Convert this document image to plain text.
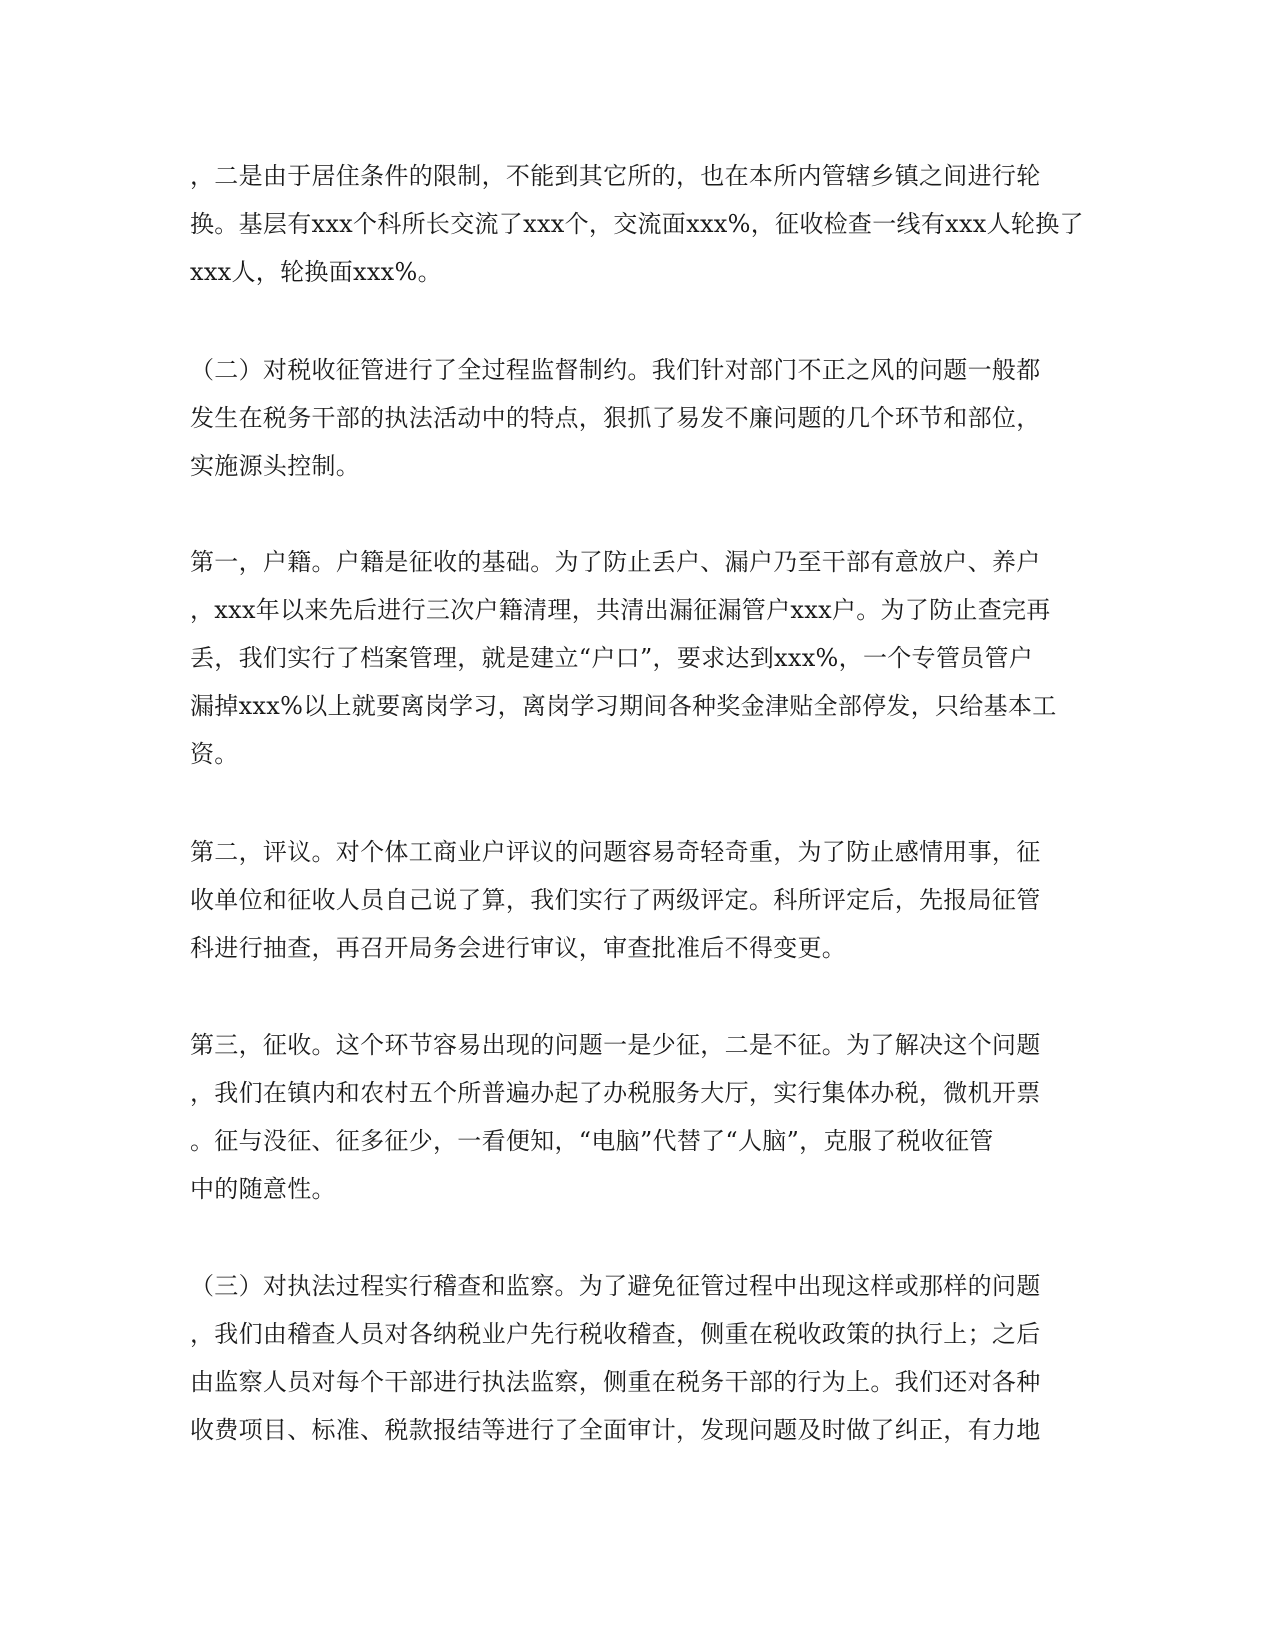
，二是由于居住条件的限制，不能到其它所的，也在本所内管辖乡镇之间进行轮
换。基层有xxx个科所长交流了xxx个，交流面xxx%，征收检查一线有xxx人轮换了
xxx人，轮换面xxx%。

（二）对税收征管进行了全过程监督制约。我们针对部门不正之风的问题一般都
发生在税务干部的执法活动中的特点，狠抓了易发不廉问题的几个环节和部位，
实施源头控制。

第一，户籍。户籍是征收的基础。为了防止丢户、漏户乃至干部有意放户、养户
，xxx年以来先后进行三次户籍清理，共清出漏征漏管户xxx户。为了防止查完再
丢，我们实行了档案管理，就是建立“户口”，要求达到xxx%，一个专管员管户
漏掉xxx%以上就要离岗学习，离岗学习期间各种奖金津贴全部停发，只给基本工
资。

第二，评议。对个体工商业户评议的问题容易奇轻奇重，为了防止感情用事，征
收单位和征收人员自己说了算，我们实行了两级评定。科所评定后，先报局征管
科进行抽查，再召开局务会进行审议，审查批准后不得变更。

第三，征收。这个环节容易出现的问题一是少征，二是不征。为了解决这个问题
，我们在镇内和农村五个所普遍办起了办税服务大厅，实行集体办税，微机开票
。征与没征、征多征少，一看便知，“电脑”代替了“人脑”，克服了税收征管
中的随意性。

（三）对执法过程实行稽查和监察。为了避免征管过程中出现这样或那样的问题
，我们由稽查人员对各纳税业户先行税收稽查，侧重在税收政策的执行上；之后
由监察人员对每个干部进行执法监察，侧重在税务干部的行为上。我们还对各种
收费项目、标准、税款报结等进行了全面审计，发现问题及时做了纠正，有力地
